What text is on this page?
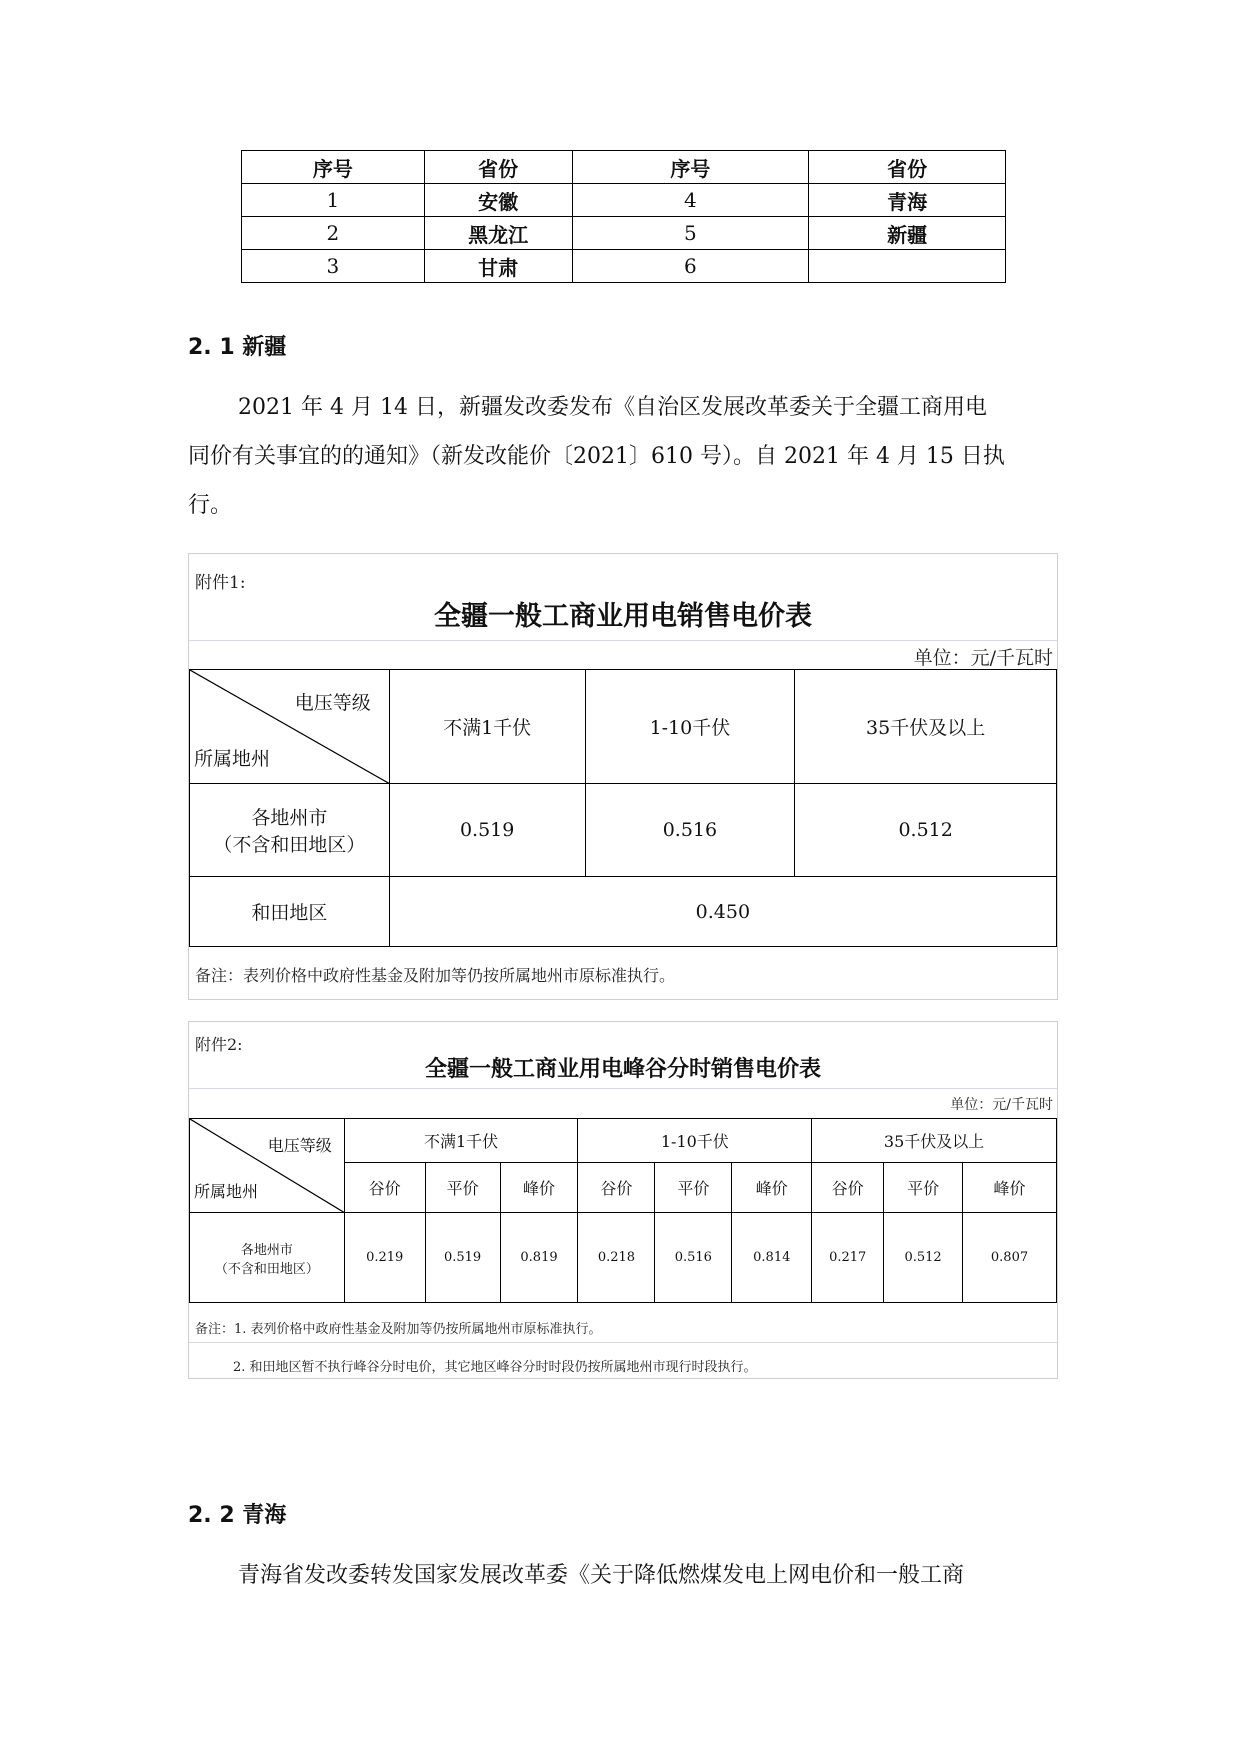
序号	省份	序号	省份
1	安徽	4	青海
2	黑龙江	5	新疆
3	甘肃	6	
2. 1 新疆
2021 年 4 月 14 日，新疆发改委发布《自治区发展改革委关于全疆工商用电
同价有关事宜的的通知》（新发改能价〔2021〕610 号）。自 2021 年 4 月 15 日执
行。
附件1:
全疆一般工商业用电销售电价表
单位：元/千瓦时
电压等级
所属地州	不满1千伏	1-10千伏	35千伏及以上

各地州市
（不含和田地区）	0.519	0.516	0.512
和田地区	0.450		
备注：表列价格中政府性基金及附加等仍按所属地州市原标准执行。
附件2:
全疆一般工商业用电峰谷分时销售电价表
单位：元/千瓦时
电压等级
所属地州	不满1千伏			1-10千伏			35千伏及以上		
	谷价	平价	峰价	谷价	平价	峰价	谷价	平价	峰价

各地州市
（不含和田地区）	0.219	0.519	0.819	0.218	0.516	0.814	0.217	0.512	0.807
备注：1. 表列价格中政府性基金及附加等仍按所属地州市原标准执行。
2. 和田地区暂不执行峰谷分时电价，其它地区峰谷分时时段仍按所属地州市现行时段执行。
2. 2 青海
青海省发改委转发国家发展改革委《关于降低燃煤发电上网电价和一般工商
